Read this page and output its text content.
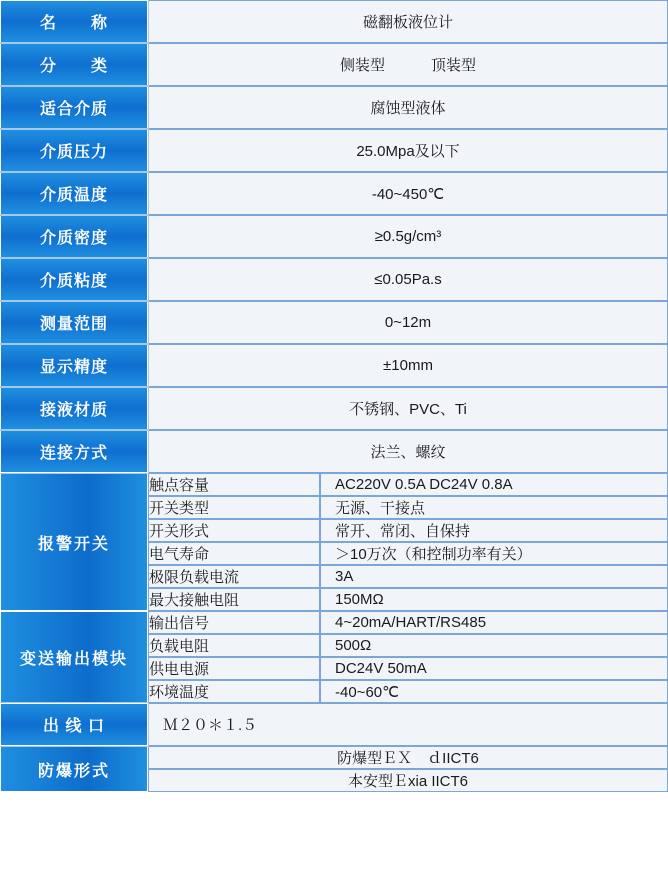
名　　称	磁翻板液位计	

分　　类	侧装型 顶装型	

适合介质	腐蚀型液体	

介质压力	25.0Mpa及以下	

介质温度	-40~450℃	

介质密度	≥0.5g/cm³	

介质粘度	≤0.05Pa.s	

测量范围	0~12m	

显示精度	±10mm	

接液材质	不锈钢、PVC、Ti	

连接方式	法兰、螺纹	
报警开关	触点容量	AC220V 0.5A DC24V 0.8A
	开关类型	无源、干接点
	开关形式	常开、常闭、自保持
	电气寿命	＞10万次（和控制功率有关）
	极限负载电流	3A
	最大接触电阻	150MΩ
变送输出模块	输出信号	4~20mA/HART/RS485
	负载电阻	500Ω
	供电电源	DC24V 50mA
	环境温度	-40~60℃

出 线 口	Ｍ２０＊１.５	
防爆形式	防爆型ＥＸ　ｄIICT6	
	本安型Ｅxia IICT6	
